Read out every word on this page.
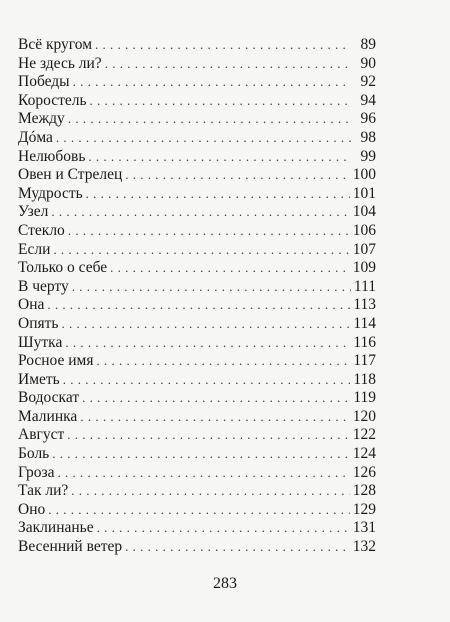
Всё кругом . . .	89
Не здесь ли? . . .	90
Победы . . .	92
Коростель . . .	94
Между . . .	96
Дóма . . .	98
Нелюбовь . . .	99
Овен и Стрелец . . .	100
Мудрость . . .	101
Узел . . .	104
Стекло . . .	106
Если . . .	107
Только о себе . . .	109
В черту . . .	111
Она . . .	113
Опять . . .	114
Шутка . . .	116
Росное имя . . .	117
Иметь . . .	118
Водоскат . . .	119
Малинка . . .	120
Август . . .	122
Боль . . .	124
Гроза . . .	126
Так ли? . . .	128
Оно . . .	129
Заклинанье . . .	131
Весенний ветер . . .	132
283
